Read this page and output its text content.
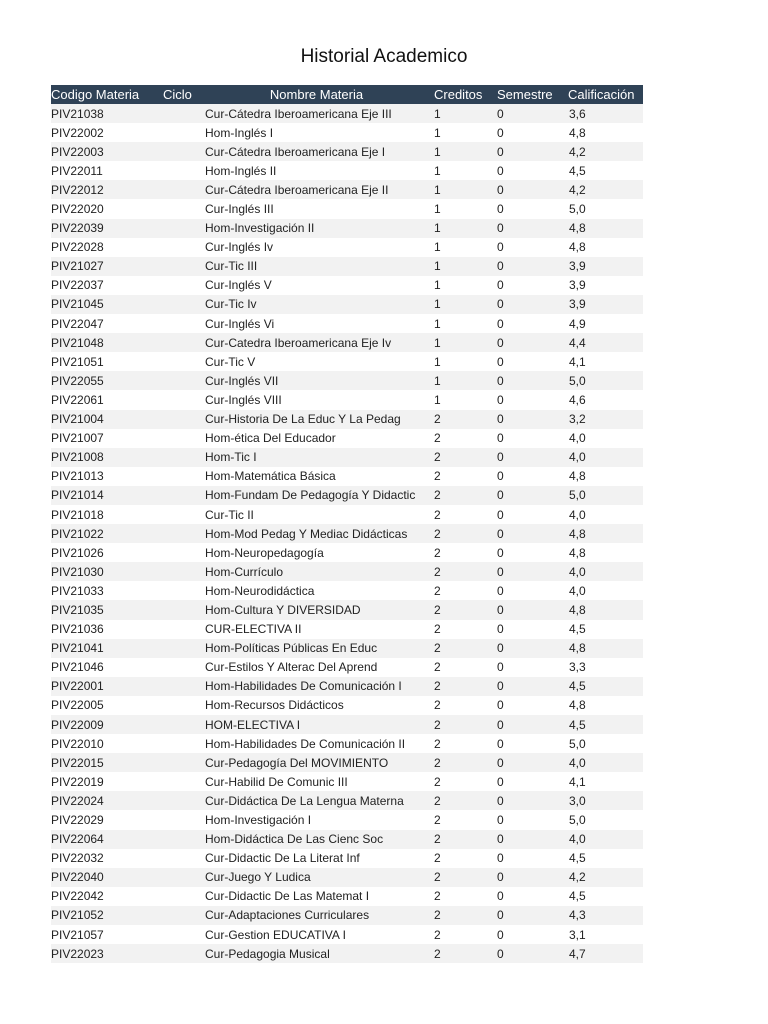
Historial Academico
Codigo Materia	Ciclo	Nombre Materia	Creditos	Semestre	Calificación
PIV21038		Cur-Cátedra Iberoamericana Eje III	1	0	3,6
PIV22002		Hom-Inglés I	1	0	4,8
PIV22003		Cur-Cátedra Iberoamericana Eje I	1	0	4,2
PIV22011		Hom-Inglés II	1	0	4,5
PIV22012		Cur-Cátedra Iberoamericana Eje II	1	0	4,2
PIV22020		Cur-Inglés III	1	0	5,0
PIV22039		Hom-Investigación II	1	0	4,8
PIV22028		Cur-Inglés Iv	1	0	4,8
PIV21027		Cur-Tic III	1	0	3,9
PIV22037		Cur-Inglés V	1	0	3,9
PIV21045		Cur-Tic Iv	1	0	3,9
PIV22047		Cur-Inglés Vi	1	0	4,9
PIV21048		Cur-Catedra Iberoamericana Eje Iv	1	0	4,4
PIV21051		Cur-Tic V	1	0	4,1
PIV22055		Cur-Inglés VII	1	0	5,0
PIV22061		Cur-Inglés VIII	1	0	4,6
PIV21004		Cur-Historia De La Educ Y La Pedag	2	0	3,2
PIV21007		Hom-ética Del Educador	2	0	4,0
PIV21008		Hom-Tic I	2	0	4,0
PIV21013		Hom-Matemática Básica	2	0	4,8
PIV21014		Hom-Fundam De Pedagogía Y Didactic	2	0	5,0
PIV21018		Cur-Tic II	2	0	4,0
PIV21022		Hom-Mod Pedag Y Mediac Didácticas	2	0	4,8
PIV21026		Hom-Neuropedagogía	2	0	4,8
PIV21030		Hom-Currículo	2	0	4,0
PIV21033		Hom-Neurodidáctica	2	0	4,0
PIV21035		Hom-Cultura Y DIVERSIDAD	2	0	4,8
PIV21036		CUR-ELECTIVA II	2	0	4,5
PIV21041		Hom-Políticas Públicas En Educ	2	0	4,8
PIV21046		Cur-Estilos Y Alterac Del Aprend	2	0	3,3
PIV22001		Hom-Habilidades De Comunicación I	2	0	4,5
PIV22005		Hom-Recursos Didácticos	2	0	4,8
PIV22009		HOM-ELECTIVA I	2	0	4,5
PIV22010		Hom-Habilidades De Comunicación II	2	0	5,0
PIV22015		Cur-Pedagogía Del MOVIMIENTO	2	0	4,0
PIV22019		Cur-Habilid De Comunic III	2	0	4,1
PIV22024		Cur-Didáctica De La Lengua Materna	2	0	3,0
PIV22029		Hom-Investigación I	2	0	5,0
PIV22064		Hom-Didáctica De Las Cienc Soc	2	0	4,0
PIV22032		Cur-Didactic De La Literat Inf	2	0	4,5
PIV22040		Cur-Juego Y Ludica	2	0	4,2
PIV22042		Cur-Didactic De Las Matemat I	2	0	4,5
PIV21052		Cur-Adaptaciones Curriculares	2	0	4,3
PIV21057		Cur-Gestion EDUCATIVA I	2	0	3,1
PIV22023		Cur-Pedagogia Musical	2	0	4,7
